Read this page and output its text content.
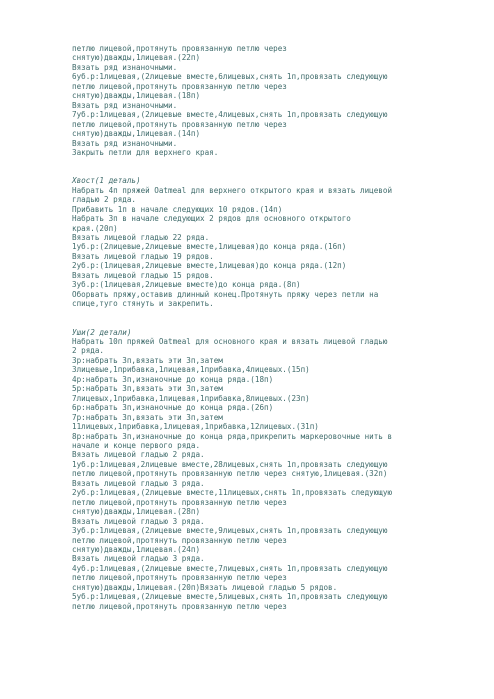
петлю лицевой,протянуть провязанную петлю через
снятую)дважды,1лицевая.(22п)
Вязать ряд изнаночными.
6уб.р:1лицевая,(2лицевые вместе,6лицевых,снять 1п,провязать следующую
петлю лицевой,протянуть провязанную петлю через
снятую)дважды,1лицевая.(18п)
Вязать ряд изнаночными.
7уб.р:1лицевая,(2лицевые вместе,4лицевых,снять 1п,провязать следующую
петлю лицевой,протянуть провязанную петлю через
снятую)дважды,1лицевая.(14п)
Вязать ряд изнаночными.
Закрыть петли для верхнего края.
Хвост(1 деталь)
Набрать 4п пряжей Oatmeal для верхнего открытого края и вязать лицевой
гладью 2 ряда.
Прибавить 1п в начале следующих 10 рядов.(14п)
Набрать 3п в начале следующих 2 рядов для основного открытого
края.(20п)
Вязать лицевой гладью 22 ряда.
1уб.р:(2лицевые,2лицевые вместе,1лицевая)до конца ряда.(16п)
Вязать лицевой гладью 19 рядов.
2уб.р:(1лицевая,2лицевые вместе,1лицевая)до конца ряда.(12п)
Вязать лицевой гладью 15 рядов.
3уб.р:(1лицевая,2лицевые вместе)до конца ряда.(8п)
Оборвать пряжу,оставив длинный конец.Протянуть пряжу через петли на
спице,туго стянуть и закрепить.
Уши(2 детали)
Набрать 10п пряжей Oatmeal для основного края и вязать лицевой гладью
2 ряда.
3р:набрать 3п,вязать эти 3п,затем
3лицевые,1прибавка,1лицевая,1прибавка,4лицевых.(15п)
4р:набрать 3п,изнаночные до конца ряда.(18п)
5р:набрать 3п,вязать эти 3п,затем
7лицевых,1прибавка,1лицевая,1прибавка,8лицевых.(23п)
6р:набрать 3п,изнаночные до конца ряда.(26п)
7р:набрать 3п,вязать эти 3п,затем
11лицевых,1прибавка,1лицевая,1прибавка,12лицевых.(31п)
8р:набрать 3п,изнаночные до конца ряда,прикрепить маркеровочные нить в
начале и конце первого ряда.
Вязать лицевой гладью 2 ряда.
1уб.р:1лицевая,2лицевые вместе,28лицевых,снять 1п,провязать следующую
петлю лицевой,протянуть провязанную петлю через снятую,1лицевая.(32п)
Вязать лицевой гладью 3 ряда.
2уб.р:1лицевая,(2лицевые вместе,11лицевых,снять 1п,провязать следующую
петлю лицевой,протянуть провязанную петлю через
снятую)дважды,1лицевая.(28п)
Вязать лицевой гладью 3 ряда.
3уб.р:1лицевая,(2лицевые вместе,9лицевых,снять 1п,провязать следующую
петлю лицевой,протянуть провязанную петлю через
снятую)дважды,1лицевая.(24п)
Вязать лицевой гладью 3 ряда.
4уб.р:1лицевая,(2лицевые вместе,7лицевых,снять 1п,провязать следующую
петлю лицевой,протянуть провязанную петлю через
снятую)дважды,1лицевая.(20п)Вязать лицевой гладью 5 рядов.
5уб.р:1лицевая,(2лицевые вместе,5лицевых,снять 1п,провязать следующую
петлю лицевой,протянуть провязанную петлю через
